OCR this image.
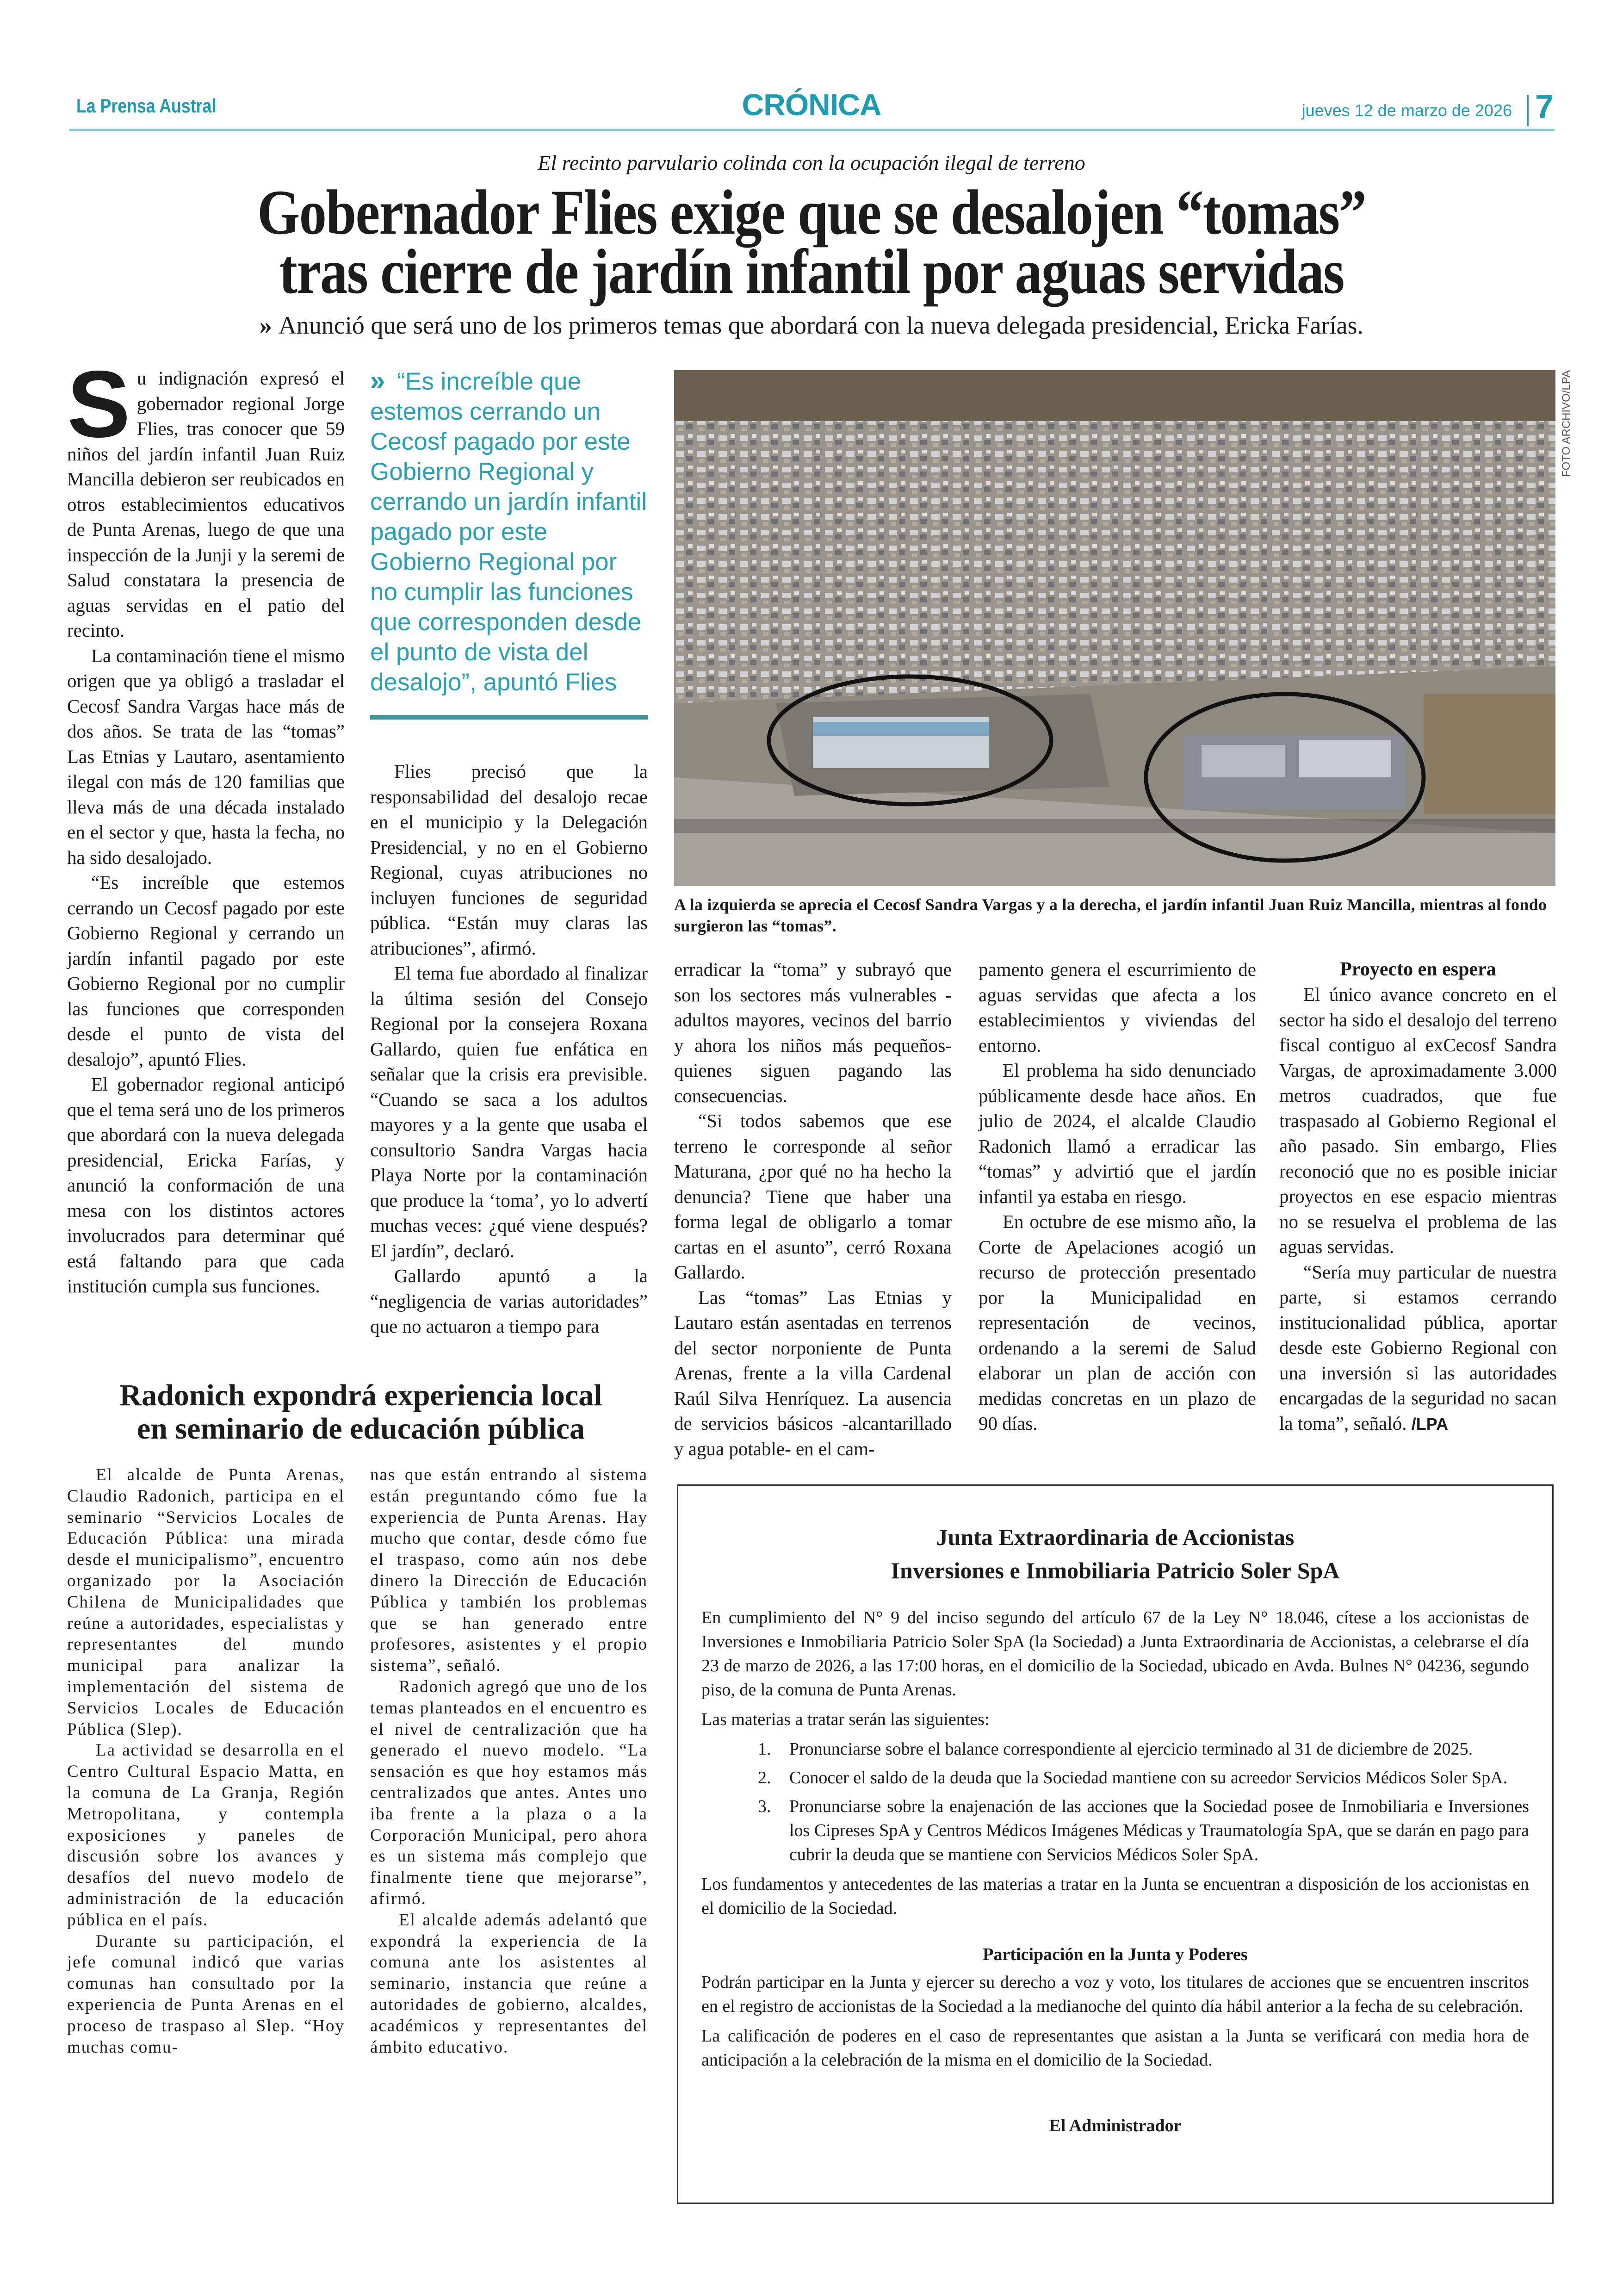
La Prensa Austral	CRÓNICA	jueves 12 de marzo de 2026 7
El recinto parvulario colinda con la ocupación ilegal de terreno
Gobernador Flies exige que se desalojen “tomas”
tras cierre de jardín infantil por aguas servidas
» Anunció que será uno de los primeros temas que abordará con la nueva delegada presidencial, Ericka Farías.

Su indignación expresó el gobernador regional Jorge Flies, tras conocer que 59 niños del jardín infantil Juan Ruiz Mancilla debieron ser reubicados en otros establecimientos educativos de Punta Arenas, luego de que una inspección de la Junji y la seremi de Salud constatara la presencia de aguas servidas en el patio del recinto.

La contaminación tiene el mismo origen que ya obligó a trasladar el Cecosf Sandra Vargas hace más de dos años. Se trata de las “tomas” Las Etnias y Lautaro, asentamiento ilegal con más de 120 familias que lleva más de una década instalado en el sector y que, hasta la fecha, no ha sido desalojado.

“Es increíble que estemos cerrando un Cecosf pagado por este Gobierno Regional y cerrando un jardín infantil pagado por este Gobierno Regional por no cumplir las funciones que corresponden desde el punto de vista del desalojo”, apuntó Flies.

El gobernador regional anticipó que el tema será uno de los primeros que abordará con la nueva delegada presidencial, Ericka Farías, y anunció la conformación de una mesa con los distintos actores involucrados para determinar qué está faltando para que cada institución cumpla sus funciones.

» “Es increíble que estemos cerrando un Cecosf pagado por este Gobierno Regional y cerrando un jardín infantil pagado por este Gobierno Regional por no cumplir las funciones que corresponden desde el punto de vista del desalojo”, apuntó Flies

Flies precisó que la responsabilidad del desalojo recae en el municipio y la Delegación Presidencial, y no en el Gobierno Regional, cuyas atribuciones no incluyen funciones de seguridad pública. “Están muy claras las atribuciones”, afirmó.

El tema fue abordado al finalizar la última sesión del Consejo Regional por la consejera Roxana Gallardo, quien fue enfática en señalar que la crisis era previsible. “Cuando se saca a los adultos mayores y a la gente que usaba el consultorio Sandra Vargas hacia Playa Norte por la contaminación que produce la ‘toma’, yo lo advertí muchas veces: ¿qué viene después? El jardín”, declaró.

Gallardo apuntó a la “negligencia de varias autoridades” que no actuaron a tiempo para

FOTO ARCHIVO/LPA
A la izquierda se aprecia el Cecosf Sandra Vargas y a la derecha, el jardín infantil Juan Ruiz Mancilla, mientras al fondo surgieron las “tomas”.

erradicar la “toma” y subrayó que son los sectores más vulnerables -adultos mayores, vecinos del barrio y ahora los niños más pequeños- quienes siguen pagando las consecuencias.

“Si todos sabemos que ese terreno le corresponde al señor Maturana, ¿por qué no ha hecho la denuncia? Tiene que haber una forma legal de obligarlo a tomar cartas en el asunto”, cerró Roxana Gallardo.

Las “tomas” Las Etnias y Lautaro están asentadas en terrenos del sector norponiente de Punta Arenas, frente a la villa Cardenal Raúl Silva Henríquez. La ausencia de servicios básicos -alcantarillado y agua potable- en el cam-

pamento genera el escurrimiento de aguas servidas que afecta a los establecimientos y viviendas del entorno.

El problema ha sido denunciado públicamente desde hace años. En julio de 2024, el alcalde Claudio Radonich llamó a erradicar las “tomas” y advirtió que el jardín infantil ya estaba en riesgo.

En octubre de ese mismo año, la Corte de Apelaciones acogió un recurso de protección presentado por la Municipalidad en representación de vecinos, ordenando a la seremi de Salud elaborar un plan de acción con medidas concretas en un plazo de 90 días.

Proyecto en espera

El único avance concreto en el sector ha sido el desalojo del terreno fiscal contiguo al exCecosf Sandra Vargas, de aproximadamente 3.000 metros cuadrados, que fue traspasado al Gobierno Regional el año pasado. Sin embargo, Flies reconoció que no es posible iniciar proyectos en ese espacio mientras no se resuelva el problema de las aguas servidas.

“Sería muy particular de nuestra parte, si estamos cerrando institucionalidad pública, aportar desde este Gobierno Regional con una inversión si las autoridades encargadas de la seguridad no sacan la toma”, señaló. /LPA

Radonich expondrá experiencia local
en seminario de educación pública

El alcalde de Punta Arenas, Claudio Radonich, participa en el seminario “Servicios Locales de Educación Pública: una mirada desde el municipalismo”, encuentro organizado por la Asociación Chilena de Municipalidades que reúne a autoridades, especialistas y representantes del mundo municipal para analizar la implementación del sistema de Servicios Locales de Educación Pública (Slep).

La actividad se desarrolla en el Centro Cultural Espacio Matta, en la comuna de La Granja, Región Metropolitana, y contempla exposiciones y paneles de discusión sobre los avances y desafíos del nuevo modelo de administración de la educación pública en el país.

Durante su participación, el jefe comunal indicó que varias comunas han consultado por la experiencia de Punta Arenas en el proceso de traspaso al Slep. “Hoy muchas comu-

nas que están entrando al sistema están preguntando cómo fue la experiencia de Punta Arenas. Hay mucho que contar, desde cómo fue el traspaso, como aún nos debe dinero la Dirección de Educación Pública y también los problemas que se han generado entre profesores, asistentes y el propio sistema”, señaló.

Radonich agregó que uno de los temas planteados en el encuentro es el nivel de centralización que ha generado el nuevo modelo. “La sensación es que hoy estamos más centralizados que antes. Antes uno iba frente a la plaza o a la Corporación Municipal, pero ahora es un sistema más complejo que finalmente tiene que mejorarse”, afirmó.

El alcalde además adelantó que expondrá la experiencia de la comuna ante los asistentes al seminario, instancia que reúne a autoridades de gobierno, alcaldes, académicos y representantes del ámbito educativo.

Junta Extraordinaria de Accionistas
Inversiones e Inmobiliaria Patricio Soler SpA

En cumplimiento del N° 9 del inciso segundo del artículo 67 de la Ley N° 18.046, cítese a los accionistas de Inversiones e Inmobiliaria Patricio Soler SpA (la Sociedad) a Junta Extraordinaria de Accionistas, a celebrarse el día 23 de marzo de 2026, a las 17:00 horas, en el domicilio de la Sociedad, ubicado en Avda. Bulnes N° 04236, segundo piso, de la comuna de Punta Arenas.

Las materias a tratar serán las siguientes:

1. Pronunciarse sobre el balance correspondiente al ejercicio terminado al 31 de diciembre de 2025.
2. Conocer el saldo de la deuda que la Sociedad mantiene con su acreedor Servicios Médicos Soler SpA.
3. Pronunciarse sobre la enajenación de las acciones que la Sociedad posee de Inmobiliaria e Inversiones los Cipreses SpA y Centros Médicos Imágenes Médicas y Traumatología SpA, que se darán en pago para cubrir la deuda que se mantiene con Servicios Médicos Soler SpA.

Los fundamentos y antecedentes de las materias a tratar en la Junta se encuentran a disposición de los accionistas en el domicilio de la Sociedad.

Participación en la Junta y Poderes

Podrán participar en la Junta y ejercer su derecho a voz y voto, los titulares de acciones que se encuentren inscritos en el registro de accionistas de la Sociedad a la medianoche del quinto día hábil anterior a la fecha de su celebración.

La calificación de poderes en el caso de representantes que asistan a la Junta se verificará con media hora de anticipación a la celebración de la misma en el domicilio de la Sociedad.

El Administrador
